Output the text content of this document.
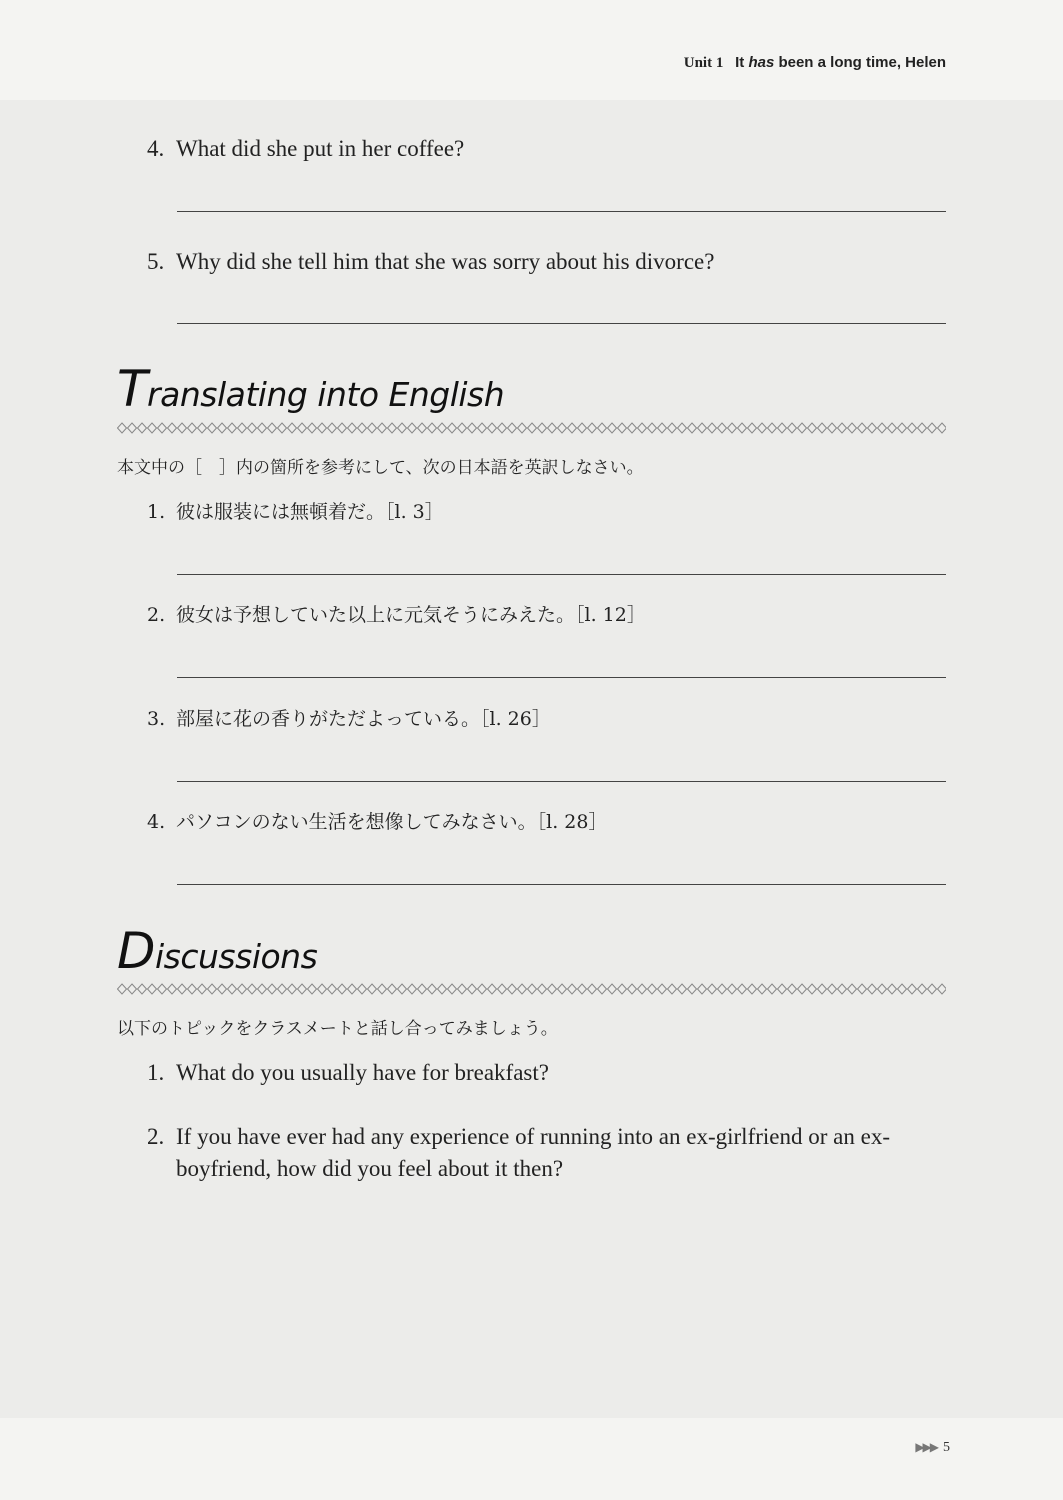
Unit 1 It has been a long time, Helen
4. What did she put in her coffee?
5. Why did she tell him that she was sorry about his divorce?
Translating into English
本文中の［　］内の箇所を参考にして、次の日本語を英訳しなさい。
1. 彼は服装には無頓着だ。［l. 3］
2. 彼女は予想していた以上に元気そうにみえた。［l. 12］
3. 部屋に花の香りがただよっている。［l. 26］
4. パソコンのない生活を想像してみなさい。［l. 28］
Discussions
以下のトピックをクラスメートと話し合ってみましょう。
1. What do you usually have for breakfast?
2. If you have ever had any experience of running into an ex-girlfriend or an ex-boyfriend, how did you feel about it then?
▶▶▶ 5
